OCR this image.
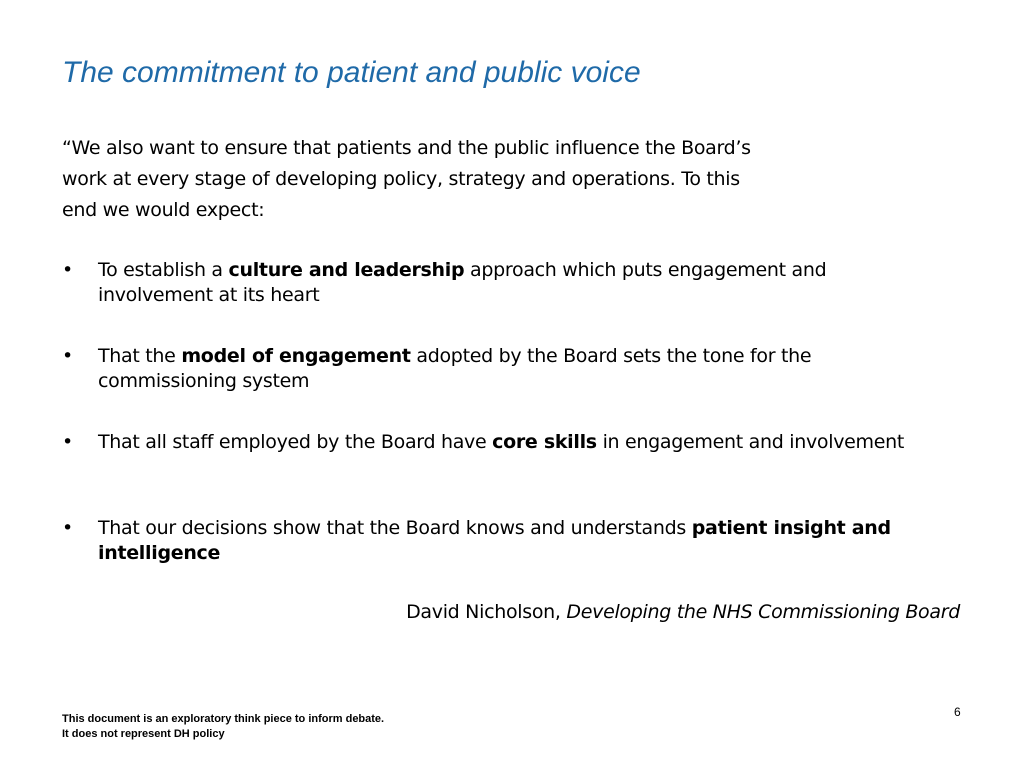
The commitment to patient and public voice
“We also want to ensure that patients and the public influence the Board’s
work at every stage of developing policy, strategy and operations. To this
end we would expect:
•	To establish a culture and leadership approach which puts engagement and involvement at its heart
•	That the model of engagement adopted by the Board sets the tone for the commissioning system
•	That all staff employed by the Board have core skills in engagement and involvement
•	That our decisions show that the Board knows and understands patient insight and intelligence
David Nicholson, Developing the NHS Commissioning Board
This document is an exploratory think piece to inform debate.
It does not represent DH policy
6
